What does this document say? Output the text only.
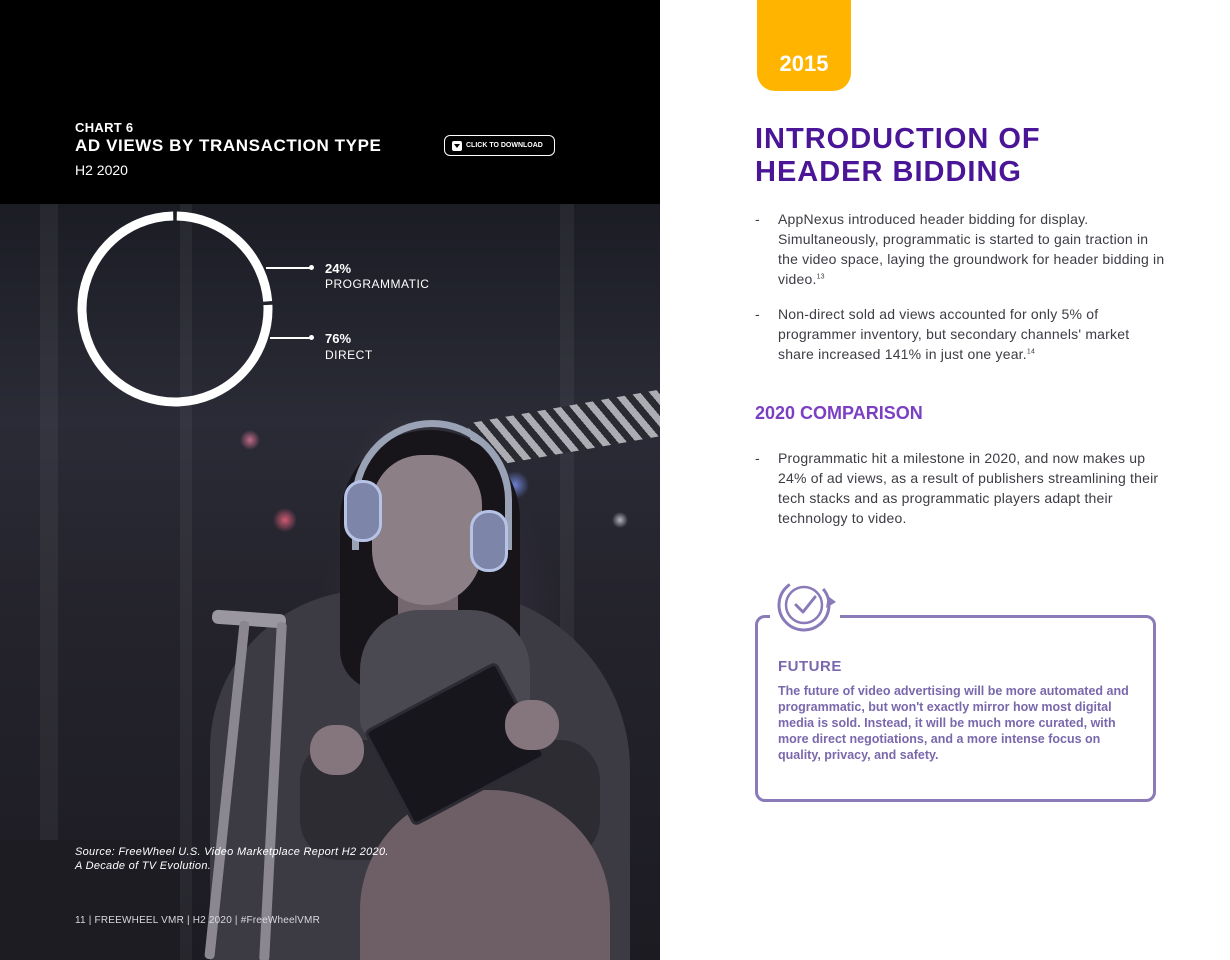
CHART 6
AD VIEWS BY TRANSACTION TYPE
H2 2020
CLICK TO DOWNLOAD
24%
PROGRAMMATIC
76%
DIRECT
Source: FreeWheel U.S. Video Marketplace Report H2 2020.
A Decade of TV Evolution.
11 | FREEWHEEL VMR | H2 2020 | #FreeWheelVMR
2015
INTRODUCTION OF
HEADER BIDDING
-	AppNexus introduced header bidding for display. Simultaneously, programmatic is started to gain traction in the video space, laying the groundwork for header bidding in video.$^{13}$
-	Non-direct sold ad views accounted for only 5% of programmer inventory, but secondary channels' market share increased 141% in just one year.$^{14}$
2020 COMPARISON
-	Programmatic hit a milestone in 2020, and now makes up 24% of ad views, as a result of publishers streamlining their tech stacks and as programmatic players adapt their technology to video.
FUTURE
The future of video advertising will be more automated and programmatic, but won't exactly mirror how most digital media is sold. Instead, it will be much more curated, with more direct negotiations, and a more intense focus on quality, privacy, and safety.
